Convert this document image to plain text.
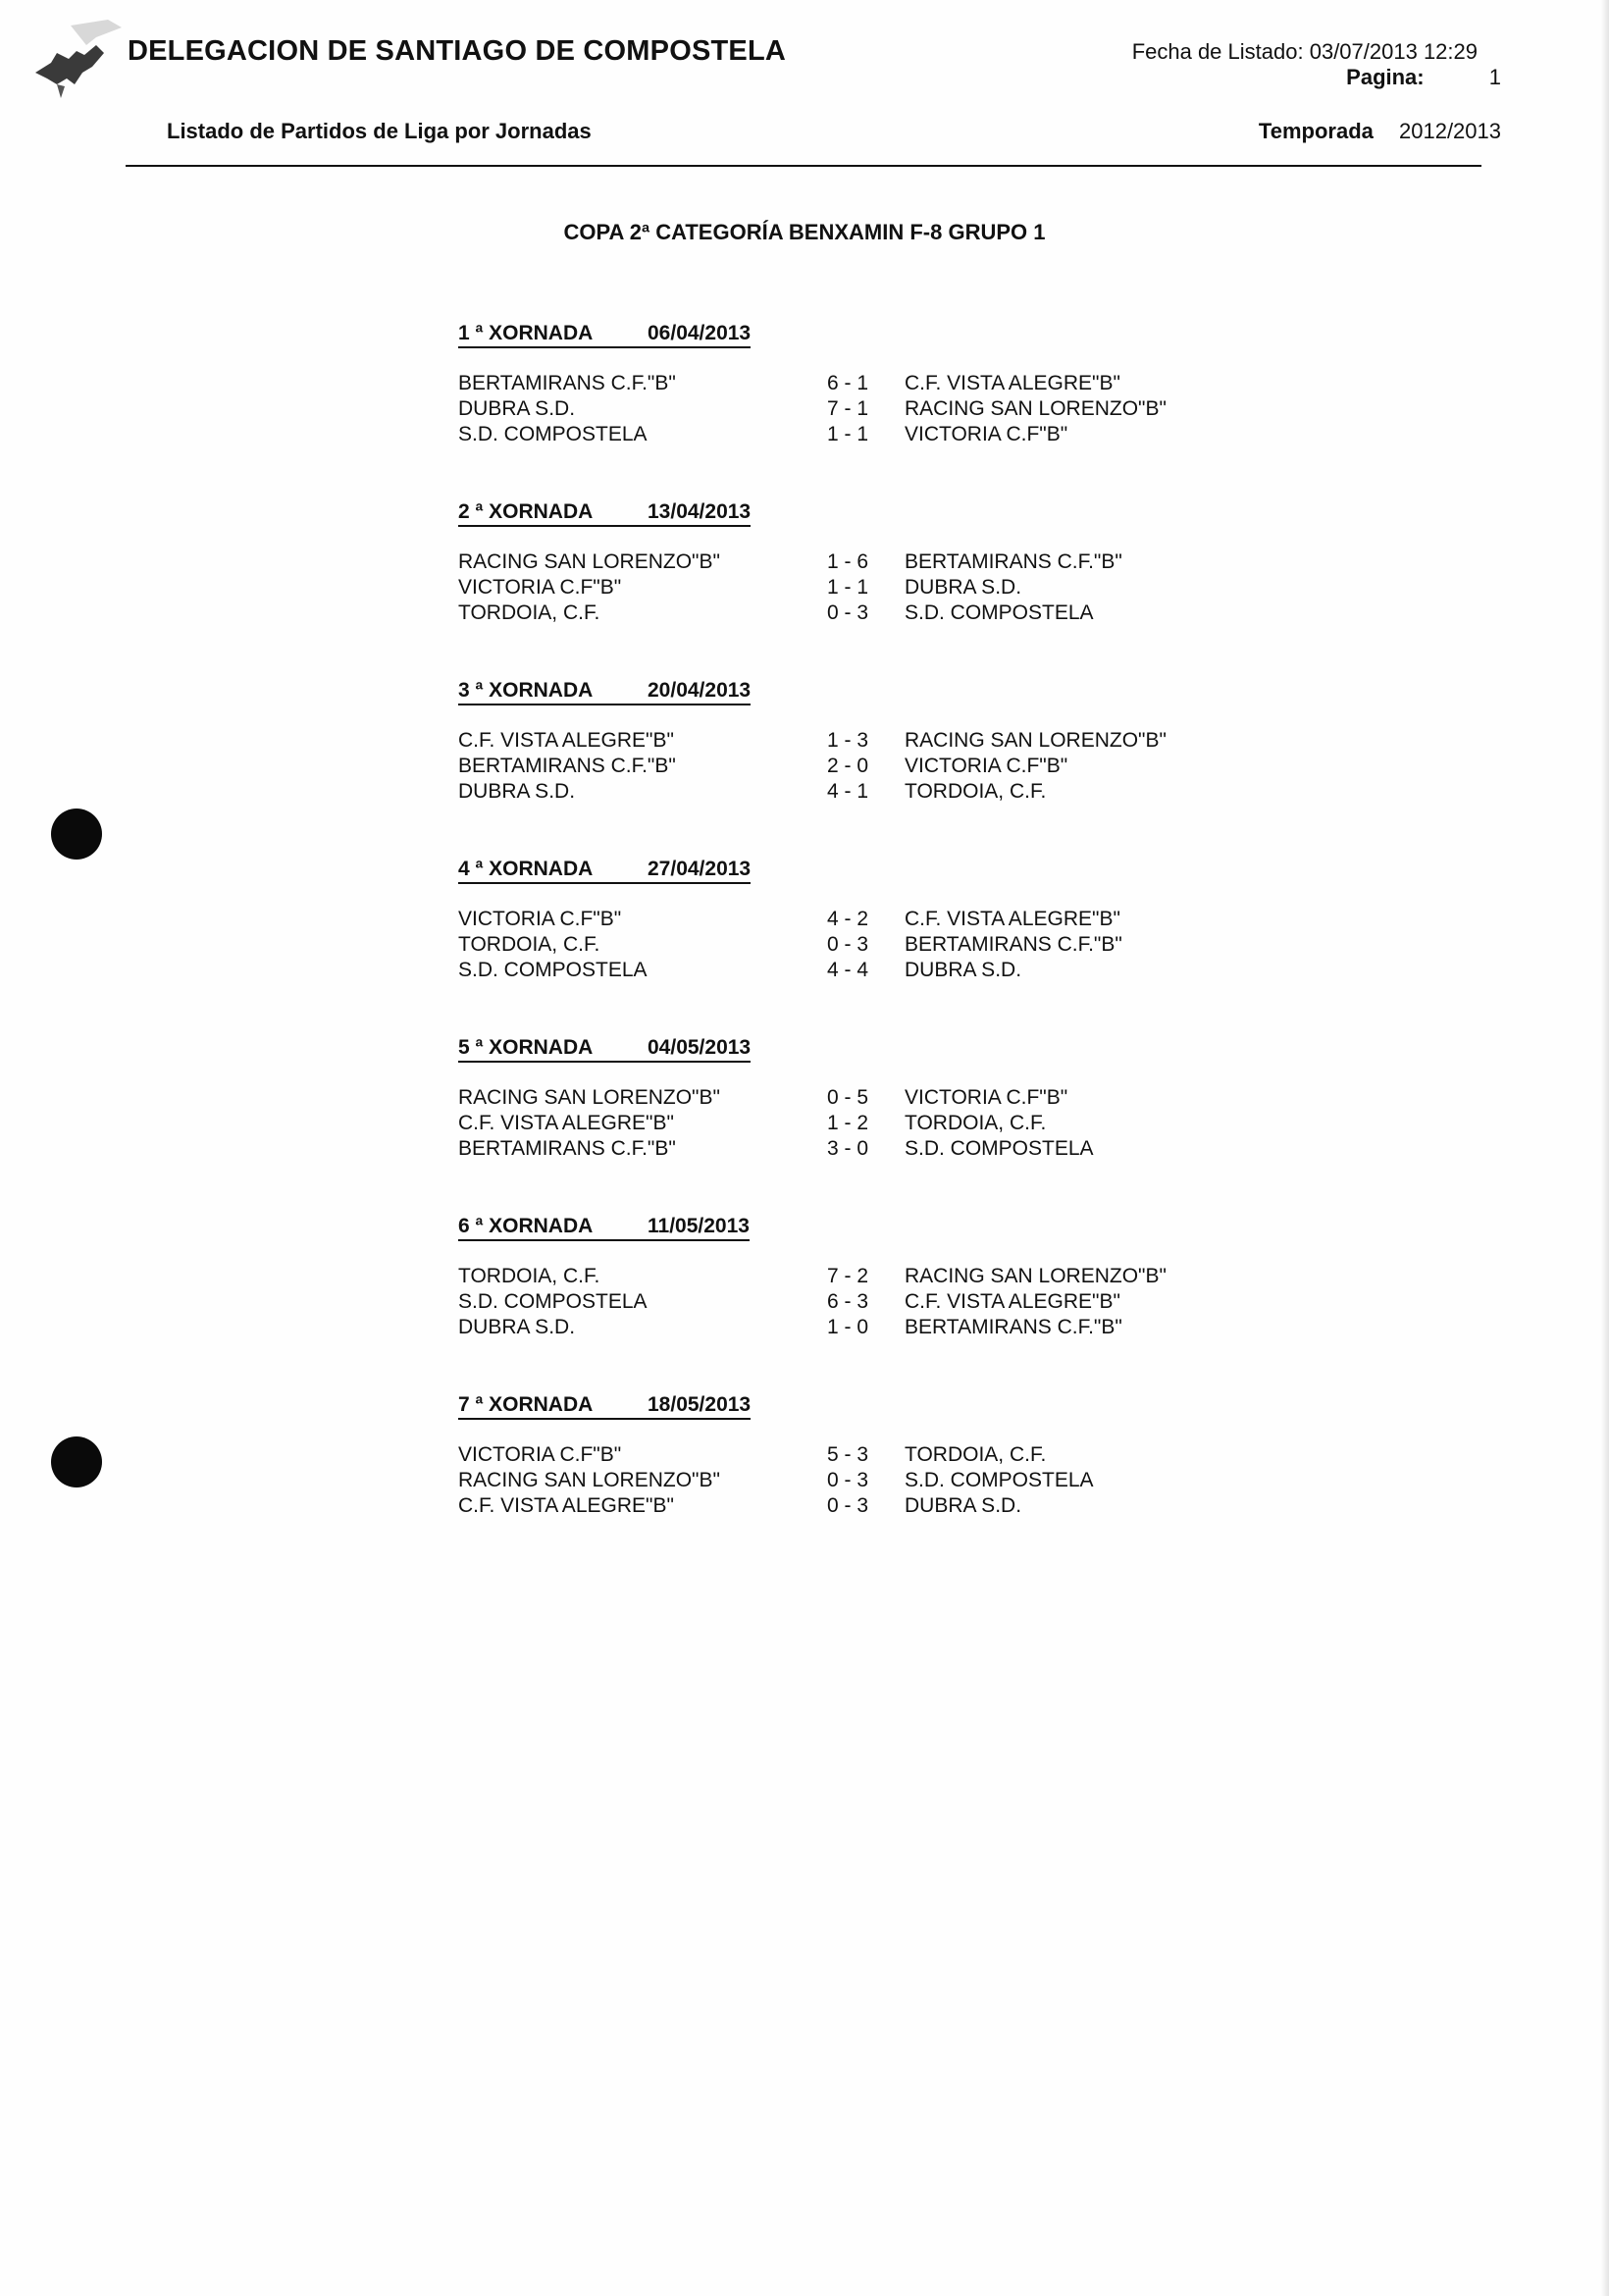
DELEGACION DE SANTIAGO DE COMPOSTELA	Fecha de Listado: 03/07/2013 12:29
Pagina:	1
Listado de Partidos de Liga por Jornadas	Temporada 2012/2013
COPA 2ª CATEGORÍA BENXAMIN F-8 GRUPO 1
1 ª XORNADA	06/04/2013
BERTAMIRANS C.F."B"	6 - 1 C.F. VISTA ALEGRE"B"
DUBRA S.D.	7 - 1 RACING SAN LORENZO"B"
S.D. COMPOSTELA	1 - 1 VICTORIA C.F"B"
2 ª XORNADA	13/04/2013
RACING SAN LORENZO"B"	1 - 6 BERTAMIRANS C.F."B"
VICTORIA C.F"B"	1 - 1 DUBRA S.D.
TORDOIA, C.F.	0 - 3 S.D. COMPOSTELA
3 ª XORNADA	20/04/2013
C.F. VISTA ALEGRE"B"	1 - 3 RACING SAN LORENZO"B"
BERTAMIRANS C.F."B"	2 - 0 VICTORIA C.F"B"
DUBRA S.D.	4 - 1 TORDOIA, C.F.
4 ª XORNADA	27/04/2013
VICTORIA C.F"B"	4 - 2 C.F. VISTA ALEGRE"B"
TORDOIA, C.F.	0 - 3 BERTAMIRANS C.F."B"
S.D. COMPOSTELA	4 - 4 DUBRA S.D.
5 ª XORNADA	04/05/2013
RACING SAN LORENZO"B"	0 - 5 VICTORIA C.F"B"
C.F. VISTA ALEGRE"B"	1 - 2 TORDOIA, C.F.
BERTAMIRANS C.F."B"	3 - 0 S.D. COMPOSTELA
6 ª XORNADA	11/05/2013
TORDOIA, C.F.	7 - 2 RACING SAN LORENZO"B"
S.D. COMPOSTELA	6 - 3 C.F. VISTA ALEGRE"B"
DUBRA S.D.	1 - 0 BERTAMIRANS C.F."B"
7 ª XORNADA	18/05/2013
VICTORIA C.F"B"	5 - 3 TORDOIA, C.F.
RACING SAN LORENZO"B"	0 - 3 S.D. COMPOSTELA
C.F. VISTA ALEGRE"B"	0 - 3 DUBRA S.D.
